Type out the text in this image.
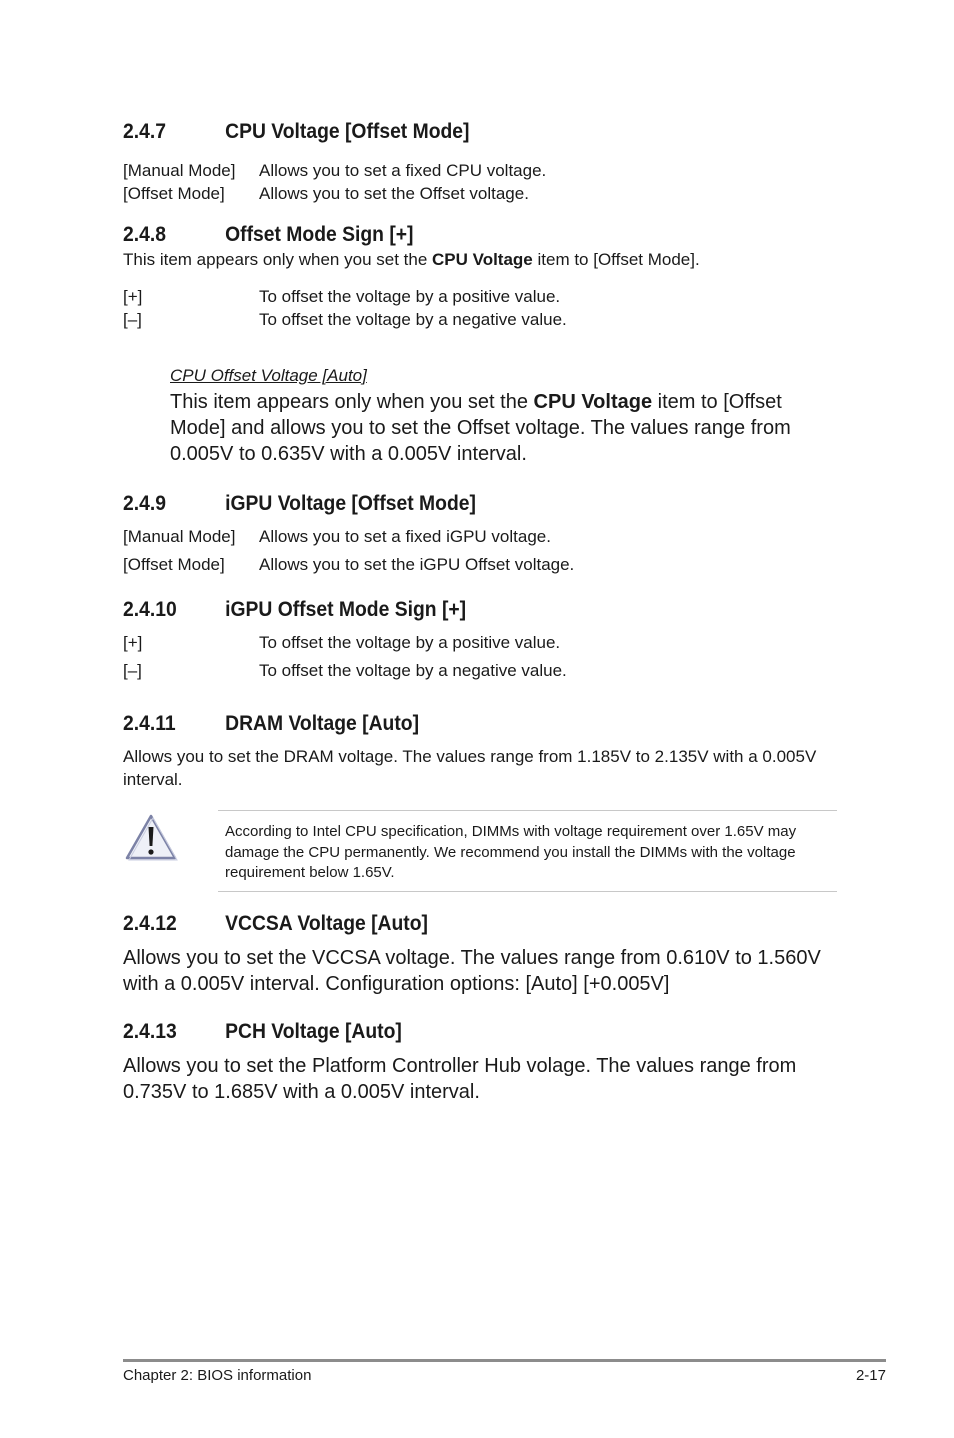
2.4.7	CPU Voltage [Offset Mode]
[Manual Mode] Allows you to set a fixed CPU voltage.
[Offset Mode] Allows you to set the Offset voltage.
2.4.8	Offset Mode Sign [+]
This item appears only when you set the CPU Voltage item to [Offset Mode].
[+]	To offset the voltage by a positive value.
[–]	To offset the voltage by a negative value.
CPU Offset Voltage [Auto]
This item appears only when you set the CPU Voltage item to [Offset Mode] and allows you to set the Offset voltage. The values range from 0.005V to 0.635V with a 0.005V interval.
2.4.9	iGPU Voltage [Offset Mode]
[Manual Mode] Allows you to set a fixed iGPU voltage.
[Offset Mode] Allows you to set the iGPU Offset voltage.
2.4.10 iGPU Offset Mode Sign [+]
[+]	To offset the voltage by a positive value.
[–]	To offset the voltage by a negative value.
2.4.11 DRAM Voltage [Auto]
Allows you to set the DRAM voltage. The values range from 1.185V to 2.135V with a 0.005V
interval.
According to Intel CPU specification, DIMMs with voltage requirement over 1.65V may damage the CPU permanently. We recommend you install the DIMMs with the voltage requirement below 1.65V.
2.4.12 VCCSA Voltage [Auto]
Allows you to set the VCCSA voltage. The values range from 0.610V to 1.560V with a 0.005V interval. Configuration options: [Auto] [+0.005V]
2.4.13 PCH Voltage [Auto]
Allows you to set the Platform Controller Hub volage. The values range from 0.735V to 1.685V with a 0.005V interval.
Chapter 2: BIOS information	2-17
